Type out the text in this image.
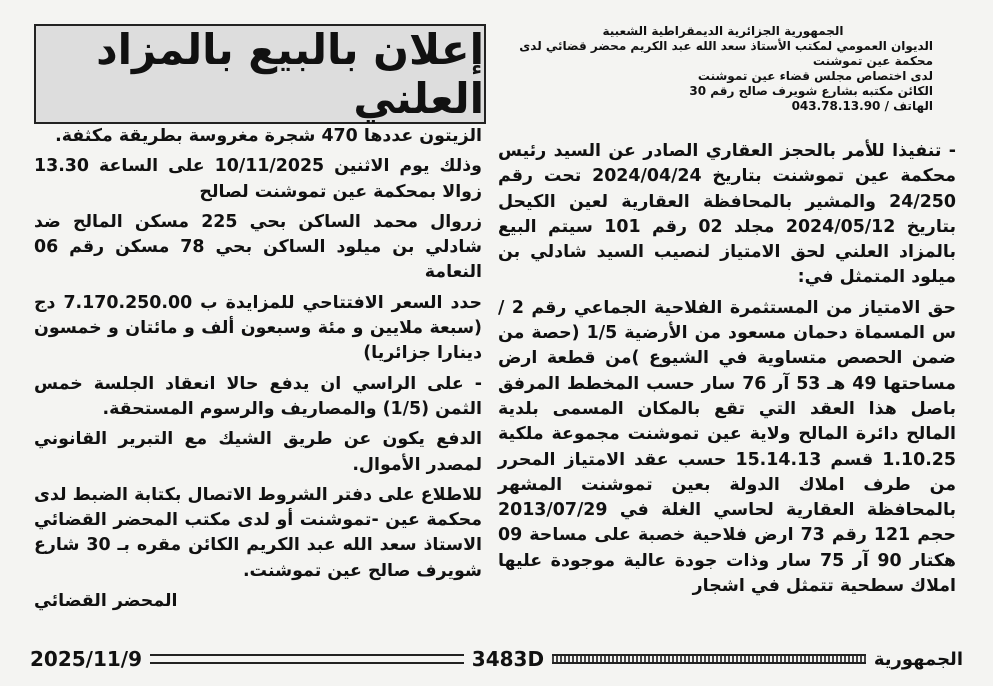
الجمهورية الجزائرية الديمقراطية الشعبية
الديوان العمومي لمكتب الأستاذ سعد الله عبد الكريم محضر قضائي لدى محكمة عين تموشنت
لدى اختصاص مجلس قضاء عين تموشنت
الكائن مكتبه بشارع شويرف صالح رقم 30
الهاتف / 043.78.13.90
إعلان بالبيع بالمزاد العلني

- تنفيذا للأمر بالحجز العقاري الصادر عن السيد رئيس محكمة عين تموشنت بتاريخ 2024/04/24 تحت رقم 24/250 والمشير بالمحافظة العقارية لعين الكيحل بتاريخ 2024/05/12 مجلد 02 رقم 101 سيتم البيع بالمزاد العلني لحق الامتياز لنصيب السيد شادلي بن ميلود المتمثل في:

حق الامتياز من المستثمرة الفلاحية الجماعي رقم 2 /س المسماة دحمان مسعود من الأرضية 1/5 (حصة من ضمن الحصص متساوية في الشيوع )من قطعة ارض مساحتها 49 هـ 53 آر 76 سار حسب المخطط المرفق باصل هذا العقد التي تقع بالمكان المسمى بلدية المالح دائرة المالح ولاية عين تموشنت مجموعة ملكية 1.10.25 قسم 15.14.13 حسب عقد الامتياز المحرر من طرف املاك الدولة بعين تموشنت المشهر بالمحافظة العقارية لحاسي الغلة في 2013/07/29 حجم 121 رقم 73 ارض فلاحية خصبة على مساحة 09 هكتار 90 آر 75 سار وذات جودة عالية موجودة عليها املاك سطحية تتمثل في اشجار

الزيتون عددها 470 شجرة مغروسة بطريقة مكثفة.

وذلك يوم الاثنين 10/11/2025 على الساعة 13.30 زوالا بمحكمة عين تموشنت لصالح

زروال محمد الساكن بحي 225 مسكن المالح ضد شادلي بن ميلود الساكن بحي 78 مسكن رقم 06 النعامة

حدد السعر الافتتاحي للمزايدة ب 7.170.250.00 دج (سبعة ملايين و مئة وسبعون ألف و مائتان و خمسون دينارا جزائريا)

- على الراسي ان يدفع حالا انعقاد الجلسة خمس الثمن (1/5) والمصاريف والرسوم المستحقة.

الدفع يكون عن طريق الشيك مع التبرير القانوني لمصدر الأموال.

للاطلاع على دفتر الشروط الاتصال بكتابة الضبط لدى محكمة عين -تموشنت أو لدى مكتب المحضر القضائي الاستاذ سعد الله عبد الكريم الكائن مقره بـ 30 شارع شويرف صالح عين تموشنت.

المحضر القضائي
الجمهورية
3483D
2025/11/9
